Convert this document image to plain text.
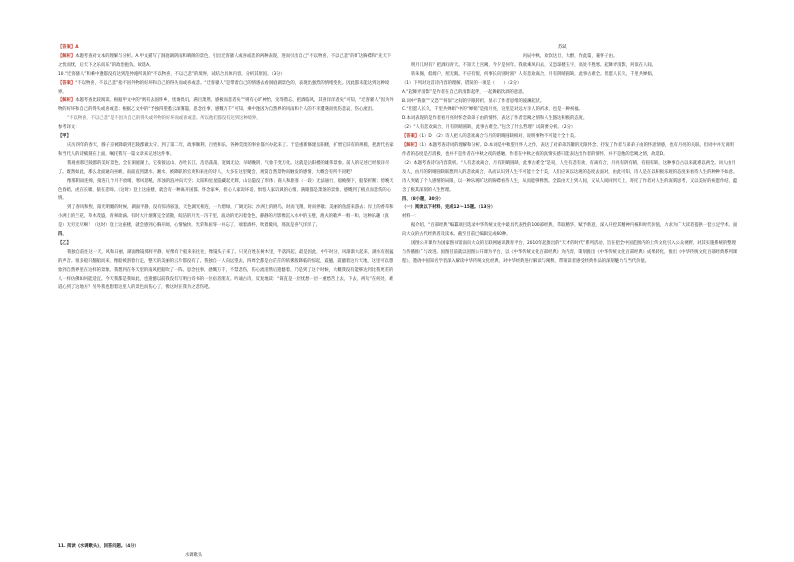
【答案】A

【解析】本题考查对文本的理解与分析。A.甲文描写了洞庭湖阴雨和晴朗的景色，引出迁客骚人或喜或悲的两种表现，进而引出自己“不以物喜，不以己悲”的旷达胸襟和“先天下之忧而忧，后天下之乐而乐”的政治抱负。故选A。

10.“迁客骚人”和乘中逢都没有达到范仲淹所说的“不以物喜，不以己悲”的境界，试结合具体内容，分析其原因。（3分）

【答案】“不以物喜，不以己悲”指不因外物的好坏和自己的得失而或喜或悲。“迁客骚人”是带着自己的情感去看洞庭湖景色的，表现出强烈的情绪变化。因此都未能达到这种境界。

【解析】本题考查比较阅读。根据甲文中的“则有去国怀乡，忧谗畏讥，满目萧然，感极而悲者矣”“则有心旷神怡，宠辱偕忘，把酒临风，其喜洋洋者矣”可知，“迁客骚人”因为外物的好坏和自己的得失或喜或悲；根据乙文中的“予独四望悉云深雾隐，思念往事，感慨万千”可知，乘中逢因为自然界的风雨和个人的不幸遭遇而忧伤悲哀，伤心流泪。

“不以物喜，不以己悲”是不因为自己的得失或外物的好坏而或喜或悲。所以他们都没有达到这种境界。

参考译文：

【甲】

庆历四年的春天，滕子京被降职到巴陵郡做太守。到了第二年，政事顺利，百姓和乐，各种荒废的事业都兴办起来了。于是重新修建岳阳楼，扩增它旧有的规模，把唐代名家和当代人的诗赋刻在上面，嘱托我写一篇文章来记述这件事。

我观看那巴陵郡的美好景色，全在洞庭湖上。它衔接远山，吞吐长江，浩浩荡荡，宽阔无边；早晴晚阴，气象千变万化。这就是岳阳楼的雄伟景象。前人的记述已经很详尽了。既然如此，那么北面通向巫峡，南面直到潇水、湘水，被降职的官吏和来往的诗人，大多在这里聚会，观赏自然景物而触发的感情，大概会有所不同吧？

像那阴雨连绵，接连几个月不放晴，寒风怒吼，浑浊的浪冲向天空；太阳和星星隐藏起光辉，山岳隐没了形体；商人和旅客（一段）无法通行，船桅倒下，船桨折断；傍晚天色昏暗，虎在长啸，猿在悲啼。（这时）登上这座楼，就会有一种离开国都、怀念家乡，担心人家说坏话，惧怕人家讥讽的心情，满眼都是萧条的景象，感慨到了极点而悲伤的心情。

到了春风和煦、阳光明媚的时候，湖面平静，没有惊涛骇浪，天色湖光相连，一片碧绿，广阔无际；沙洲上的鸥鸟，时而飞翔，时而停歇；美丽的鱼游来游去；岸上的香草和小洲上的兰花，草木茂盛，青翠欲滴。有时大片烟雾完全消散，皎洁的月光一泻千里，波动的光闪着金色，静静的月影像沉入水中的玉璧，渔夫的歌声一唱一和，这种乐趣（真是）无穷无尽啊！（这时）登上这座楼，就会感到心胸开阔，心情愉快，光荣和屈辱一并忘了，端着酒杯，吹着微风，那真是喜气洋洋了。

四、

【乙】

我独自前往这一天，风和日丽，湖面像镜那样平静，好像有个船来来往往，像镜头子来了。只见百姓在树木里，半落四起，最是因此，中午时分，风渐渐大起来，湖水有很猛的声音。很多船只翻船而来，像船被刮着行走，整天的美丽的云片都没有了。我独自一人向远望去，四周全都是白茫茫的浓雾般降临的惊起，震撼，震撼着这片天地，这里可以想象到自然界里在这样的景象。我想到在冬天里的南风把船吹了一阵。思念往事，感慨万千，不禁悲伤，伤心流泪然后遗憾着。乃是到了这个时候，大概我没有能够达到比我更差的人一样仿佛如何能适宜。今天我都是我如此，也遗憾以前我没有写明白诗书的一位宿者朋友。吟诵古诗，反复地读：“简直是一层忧愁一层一重愁苦上去，下去，两句”在何处，难道心到了这地方？另外我也想着这里人的景色而伤心了，像这时在我为之悲伤吧。

苏轼

丙辰中秋，欢饮达旦，大醉，作此篇，兼怀子由。

明月几时有？把酒问青天。不知天上宫阙，今夕是何年。我欲乘风归去，又恐琼楼玉宇，高处不胜寒。起舞弄清影，何似在人间。

转朱阁，低绮户，照无眠。不应有恨，何事长向别时圆？人有悲欢离合，月有阴晴圆缺，此事古难全。但愿人长久，千里共婵娟。

（1）下列对这首诗内容的理解，错误的一项是（　　）（2分）

A.“起舞弄清影”是作者在自己的清影起伴，一起舞蹈饮酒的意思。

B.词中“我欲”“又恐”“何似”之间的字眼转折，显示了作者思绪的波澜起伏。

C.“但愿人长久，千里共婵娟”中的“婵娟”是指月亮，这里是对远方亲人的祈求，也是一种祝福。

D.本词表现的是作者看月亮时怀念弟弟子由的情怀，表达了作者恋阙之情和人生豁达积极的态度。

（2）“人有悲欢离合，月有阴晴圆缺，此事古难全。”包含了什么哲理？试简要分析。（2分）

【答案】（1）D　（2）诗人把人的悲欢离合与月的阴晴圆缺相对，说明事物不可能十全十美。

【解析】（1）本题考查诗词的理解和分析。D.本词是中秋望月怀人之作，表达了对弟弟苏辙的无限怀念，抒发了作者与弟弟子由的怀思情感，也有月亮的关联。但词中并无说明作者的态度是否消极，也并不是作者在中秋之夜的感触，作者在中秋之夜的真情实感只能表达出作者的情怀，并不是他的恋阙之情，故选D。

（2）本题考查诗句内容赏析。“人有悲欢离合，月有阴晴圆缺，此事古难全”是说，人生有悲有欢、有离有合，月亮有阴有晴、有圆有缺，这种事自古以来就难以两全。词人由月及人，由月的阴晴圆缺联想到人的悲欢离合，从而认识到人生不可能十全十美，人们应该以达观的态度去面对，由此可知，诗人是在以积极乐观的态度来看待人生的种种不如意。诗人突破了个人感情的局限，以一种乐观旷达的胸襟看待人生，从而能够释然。全篇由天上到人间，又从人间回到天上，寄托了作者对人生的深刻思考，又以美好的祝愿作结，蕴含了极其深刻的人生哲理。

四、（8小题，30分）

（一）阅读以下材料，完成12～15题。（13分）

材料一：

据介绍，“百部经典”编纂项目选录中华传统文化中最具代表性的100部经典，萃取精华、赋予新意，深入开挖其精神内核和时代价值，力求为广大读者提供一套立足学术、面向大众的古代经典普及读本。截至目前已编辑完成60种。

国图公开课作为国家图书馆面向大众的互联网通识教育平台，2010年起推出的“天才的时代”系列活动，旨在把全中国范围内的上传文化引入公众视野，对其实施系统的整理与传播推广与改进。国图目前就以国图公开课为平台，以《中华传统文化百部经典》为内容，策划推出《中华传统文化百部经典》成果转化，推出《中华传统文化百部经典系列课程》，邀请中国知名学者深入解读中华传统文化经典，对中华经典进行解读与阐释，带领读者感受经典作品的深刻魅力与当代价值。

11. 阅读《水调歌头》，回答问题。（4分）
水调歌头
